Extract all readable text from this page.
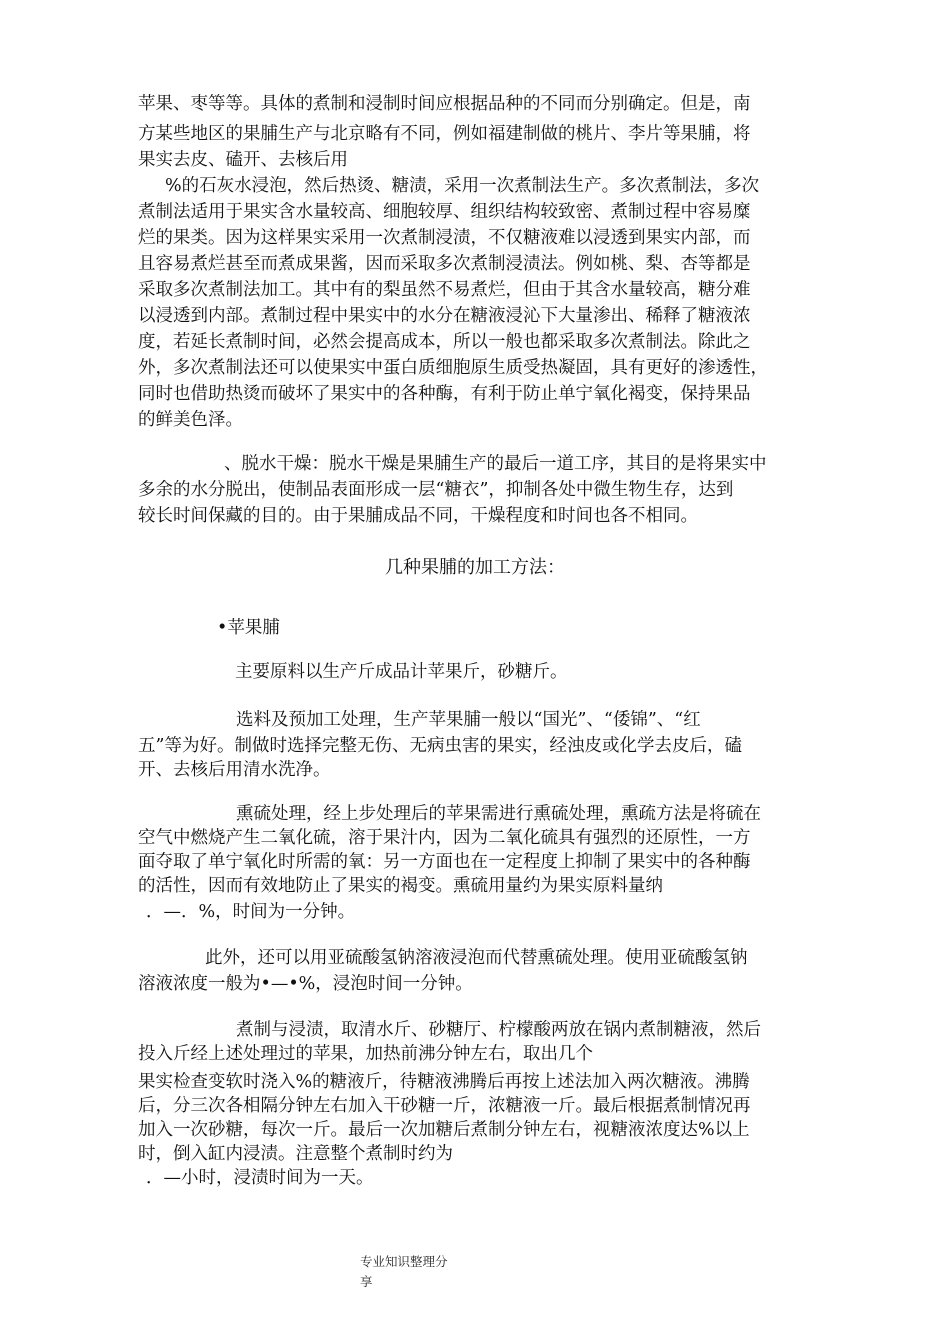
苹果、枣等等。具体的煮制和浸制时间应根据品种的不同而分别确定。但是，南
方某些地区的果脯生产与北京略有不同，例如福建制做的桃片、李片等果脯，将
果实去皮、磕开、去核后用
%的石灰水浸泡，然后热烫、糖渍，采用一次煮制法生产。多次煮制法，多次
煮制法适用于果实含水量较高、细胞较厚、组织结构较致密、煮制过程中容易糜
烂的果类。因为这样果实采用一次煮制浸渍，不仅糖液难以浸透到果实内部，而
且容易煮烂甚至而煮成果酱，因而采取多次煮制浸渍法。例如桃、梨、杏等都是
采取多次煮制法加工。其中有的梨虽然不易煮烂，但由于其含水量较高，糖分难
以浸透到内部。煮制过程中果实中的水分在糖液浸沁下大量渗出、稀释了糖液浓
度，若延长煮制时间，必然会提高成本，所以一般也都采取多次煮制法。除此之
外，多次煮制法还可以使果实中蛋白质细胞原生质受热凝固，具有更好的渗透性，
同时也借助热烫而破坏了果实中的各种酶，有利于防止单宁氧化褐变，保持果品
的鲜美色泽。
、脱水干燥：脱水干燥是果脯生产的最后一道工序，其目的是将果实中
多余的水分脱出，使制品表面形成一层“糖衣”，抑制各处中微生物生存，达到
较长时间保藏的目的。由于果脯成品不同，干燥程度和时间也各不相同。
几种果脯的加工方法：
•苹果脯
主要原料以生产斤成品计苹果斤，砂糖斤。
选料及预加工处理，生产苹果脯一般以“国光”、“倭锦”、“红
五”等为好。制做时选择完整无伤、无病虫害的果实，经浊皮或化学去皮后，磕
开、去核后用清水洗净。
熏硫处理，经上步处理后的苹果需进行熏硫处理，熏疏方法是将硫在
空气中燃烧产生二氧化硫，溶于果汁内，因为二氧化硫具有强烈的还原性，一方
面夺取了单宁氧化时所需的氧：另一方面也在一定程度上抑制了果实中的各种酶
的活性，因而有效地防止了果实的褐变。熏硫用量约为果实原料量纳
．—．%，时间为一分钟。
此外，还可以用亚硫酸氢钠溶液浸泡而代替熏硫处理。使用亚硫酸氢钠
溶液浓度一般为•—•%，浸泡时间一分钟。
煮制与浸渍，取清水斤、砂糖厅、柠檬酸两放在锅内煮制糖液，然后
投入斤经上述处理过的苹果，加热前沸分钟左右，取出几个
果实检查变软时浇入%的糖液斤，待糖液沸腾后再按上述法加入两次糖液。沸腾
后，分三次各相隔分钟左右加入干砂糖一斤，浓糖液一斤。最后根据煮制情况再
加入一次砂糖，每次一斤。最后一次加糖后煮制分钟左右，视糖液浓度达%以上
时，倒入缸内浸渍。注意整个煮制时约为
．—小时，浸渍时间为一天。
专业知识整理分
享
